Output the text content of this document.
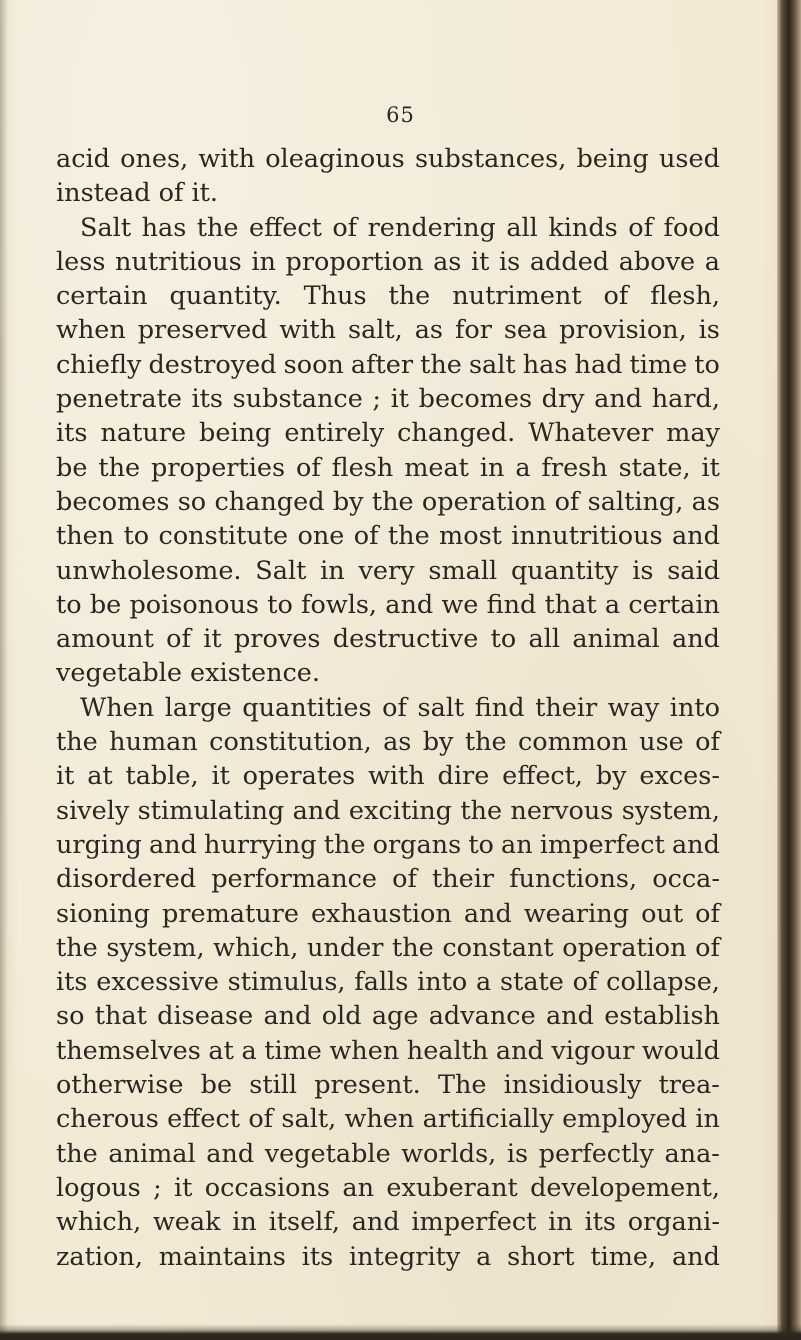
65
acid ones, with oleaginous substances, being used
instead of it.
Salt has the effect of rendering all kinds of food
less nutritious in proportion as it is added above a
certain quantity. Thus the nutriment of flesh,
when preserved with salt, as for sea provision, is
chiefly destroyed soon after the salt has had time to
penetrate its substance ; it becomes dry and hard,
its nature being entirely changed. Whatever may
be the properties of flesh meat in a fresh state, it
becomes so changed by the operation of salting, as
then to constitute one of the most innutritious and
unwholesome. Salt in very small quantity is said
to be poisonous to fowls, and we find that a certain
amount of it proves destructive to all animal and
vegetable existence.
When large quantities of salt find their way into
the human constitution, as by the common use of
it at table, it operates with dire effect, by exces-
sively stimulating and exciting the nervous system,
urging and hurrying the organs to an imperfect and
disordered performance of their functions, occa-
sioning premature exhaustion and wearing out of
the system, which, under the constant operation of
its excessive stimulus, falls into a state of collapse,
so that disease and old age advance and establish
themselves at a time when health and vigour would
otherwise be still present. The insidiously trea-
cherous effect of salt, when artificially employed in
the animal and vegetable worlds, is perfectly ana-
logous ; it occasions an exuberant developement,
which, weak in itself, and imperfect in its organi-
zation, maintains its integrity a short time, and
